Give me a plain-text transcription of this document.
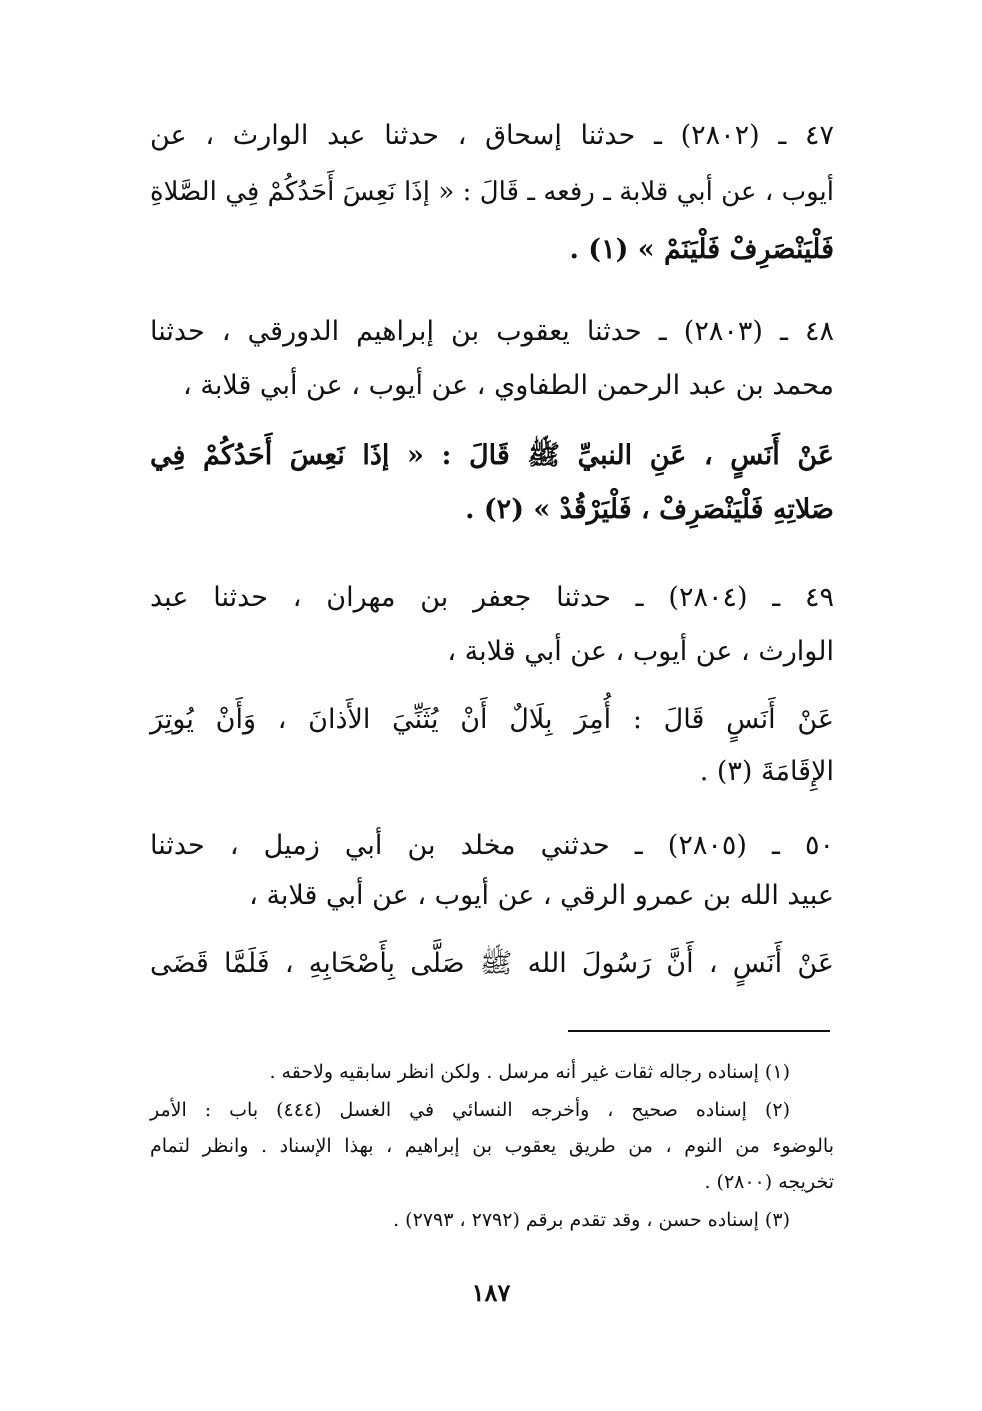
٤٧ ـ (٢٨٠٢) ـ حدثنا إسحاق ، حدثنا عبد الوارث ، عن
أيوب ، عن أبي قلابة ـ رفعه ـ قَالَ : « إذَا نَعِسَ أَحَدُكُمْ فِي الصَّلاةِ
فَلْيَنْصَرِفْ فَلْيَنَمْ » (١) .
٤٨ ـ (٢٨٠٣) ـ حدثنا يعقوب بن إبراهيم الدورقي ، حدثنا
محمد بن عبد الرحمن الطفاوي ، عن أيوب ، عن أبي قلابة ،
عَنْ أَنَسٍ ، عَنِ النبيِّ ﷺ قَالَ : « إذَا نَعِسَ أَحَدُكُمْ فِي
صَلاتِهِ فَلْيَنْصَرِفْ ، فَلْيَرْقُدْ » (٢) .
٤٩ ـ (٢٨٠٤) ـ حدثنا جعفر بن مهران ، حدثنا عبد
الوارث ، عن أيوب ، عن أبي قلابة ،
عَنْ أَنَسٍ قَالَ : أُمِرَ بِلَالٌ أَنْ يُثَنِّيَ الأَذانَ ، وَأَنْ يُوتِرَ
الإِقَامَةَ (٣) .
٥٠ ـ (٢٨٠٥) ـ حدثني مخلد بن أبي زميل ، حدثنا
عبيد الله بن عمرو الرقي ، عن أيوب ، عن أبي قلابة ،
عَنْ أَنَسٍ ، أَنَّ رَسُولَ الله ﷺ صَلَّى بِأَصْحَابِهِ ، فَلَمَّا قَضَى
(١) إسناده رجاله ثقات غير أنه مرسل . ولكن انظر سابقيه ولاحقه .
(٢) إسناده صحيح ، وأخرجه النسائي في الغسل (٤٤٤) باب : الأمر
بالوضوء من النوم ، من طريق يعقوب بن إبراهيم ، بهذا الإسناد . وانظر لتمام
تخريجه (٢٨٠٠) .
(٣) إسناده حسن ، وقد تقدم برقم (٢٧٩٢ ، ٢٧٩٣) .
١٨٧
